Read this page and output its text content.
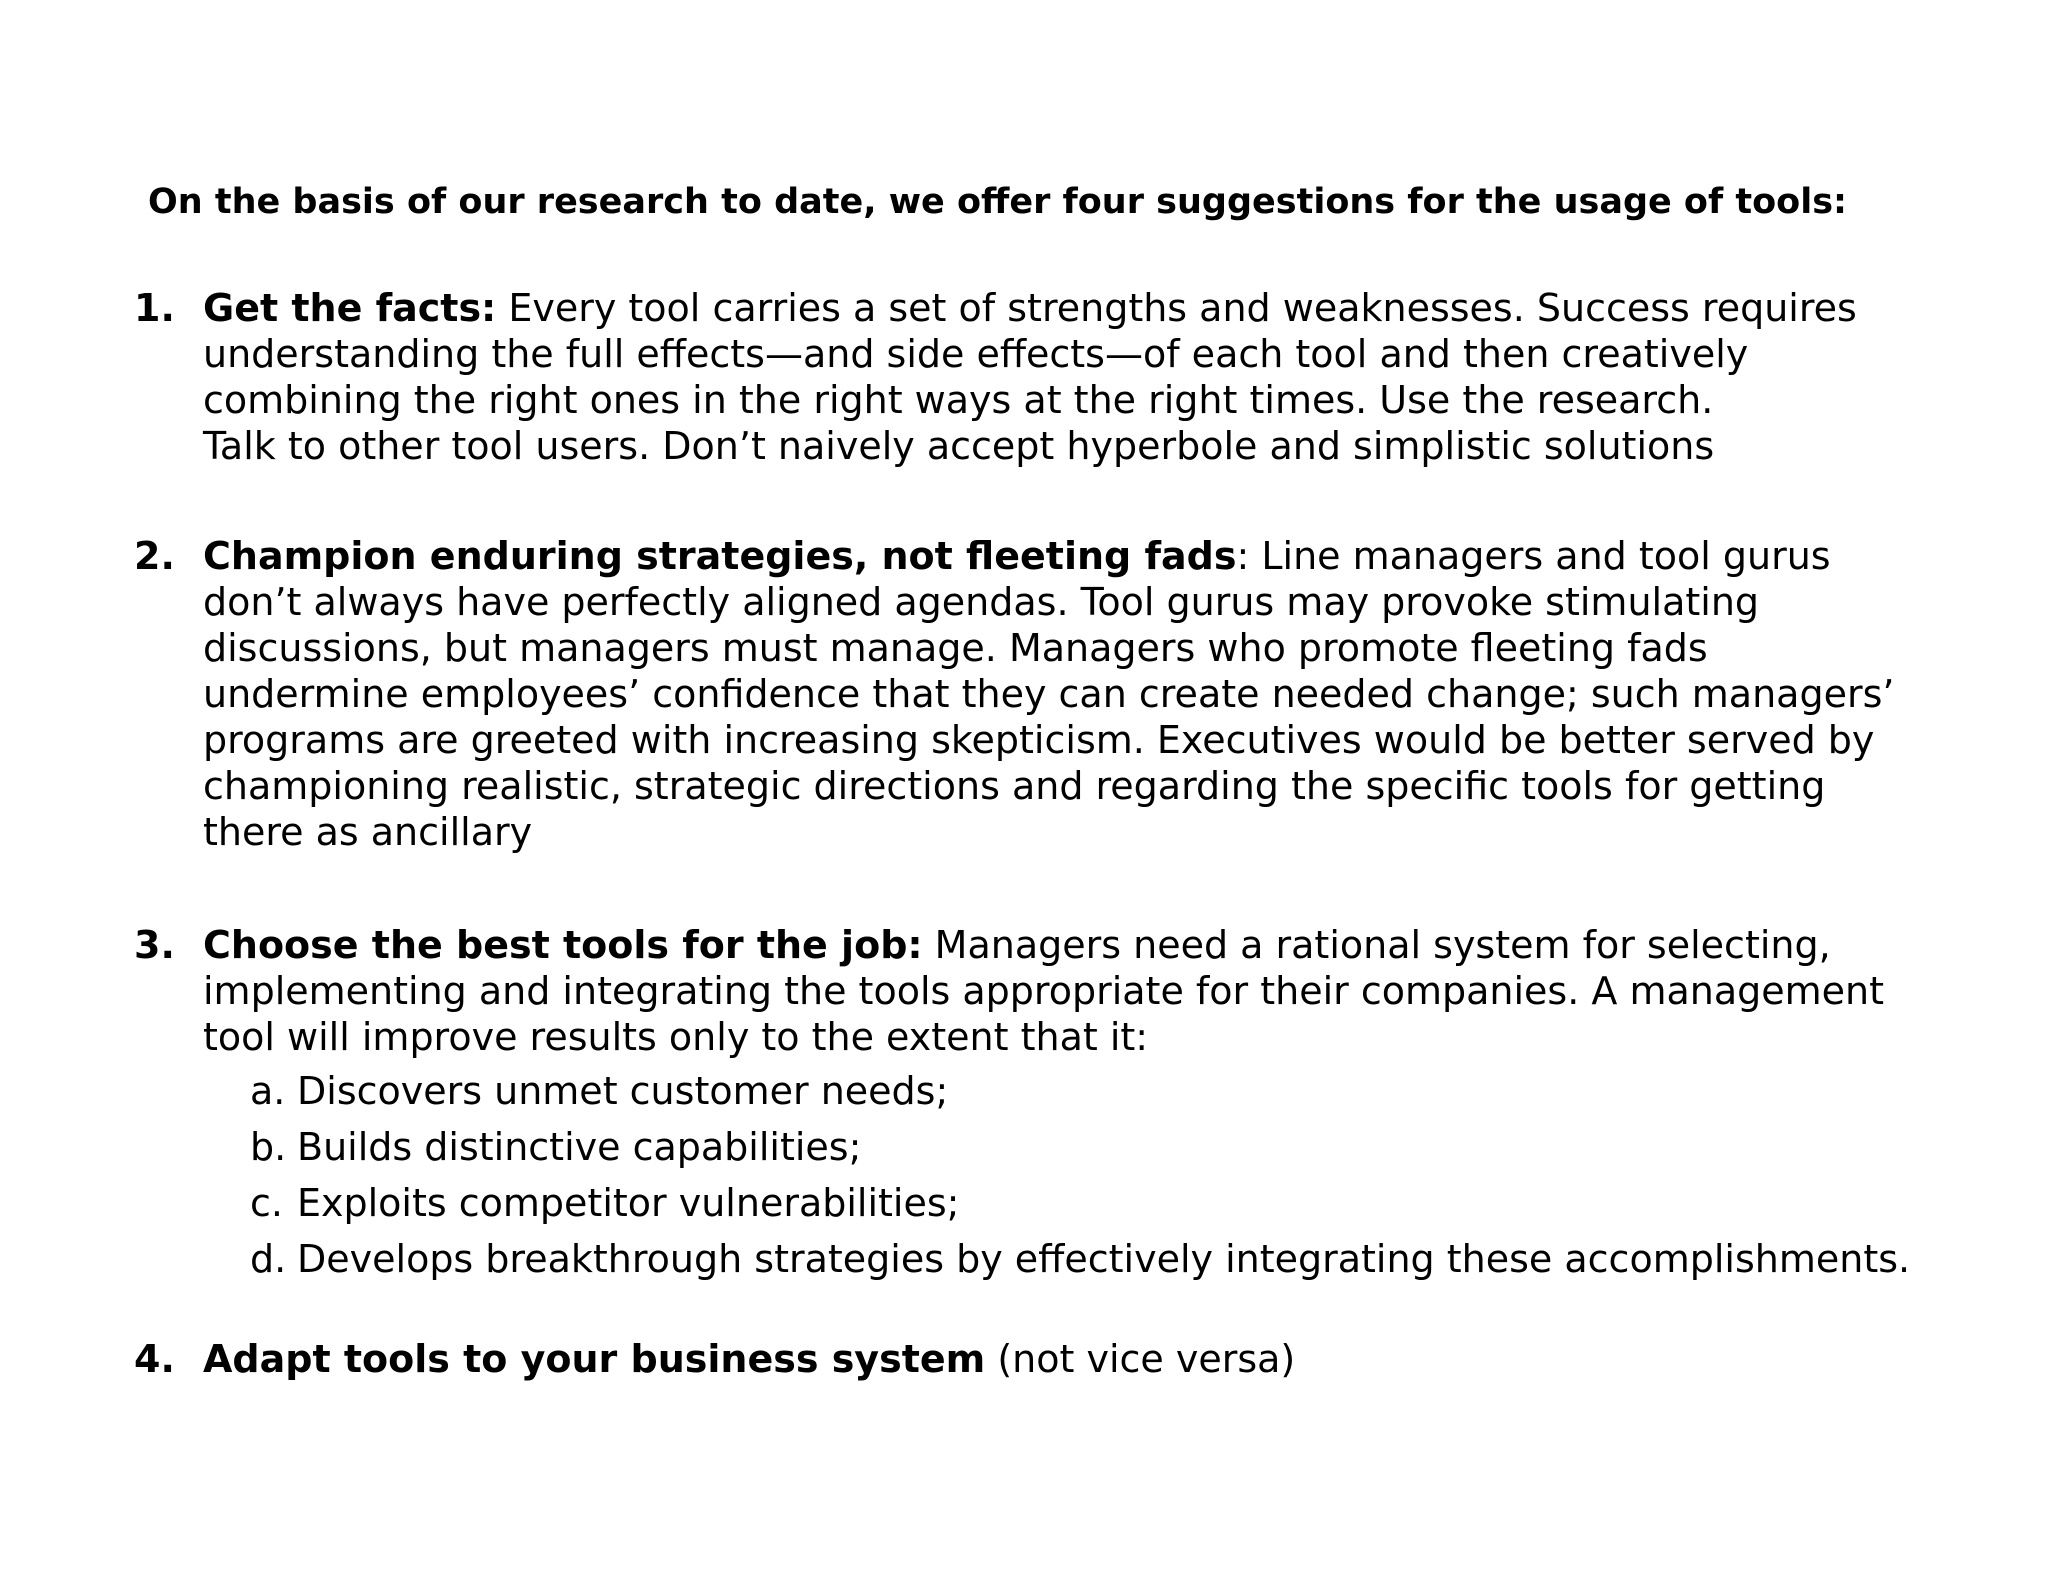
On the basis of our research to date, we offer four suggestions for the usage of tools:
1. Get the facts: Every tool carries a set of strengths and weaknesses. Success requires
understanding the full effects—and side effects—of each tool and then creatively
combining the right ones in the right ways at the right times. Use the research.
Talk to other tool users. Don’t naively accept hyperbole and simplistic solutions
2. Champion enduring strategies, not fleeting fads: Line managers and tool gurus
don’t always have perfectly aligned agendas. Tool gurus may provoke stimulating
discussions, but managers must manage. Managers who promote fleeting fads
undermine employees’ confidence that they can create needed change; such managers’
programs are greeted with increasing skepticism. Executives would be better served by
championing realistic, strategic directions and regarding the specific tools for getting
there as ancillary
3. Choose the best tools for the job: Managers need a rational system for selecting,
implementing and integrating the tools appropriate for their companies. A management
tool will improve results only to the extent that it:
a. Discovers unmet customer needs;
b. Builds distinctive capabilities;
c. Exploits competitor vulnerabilities;
d. Develops breakthrough strategies by effectively integrating these accomplishments.
4. Adapt tools to your business system (not vice versa)
